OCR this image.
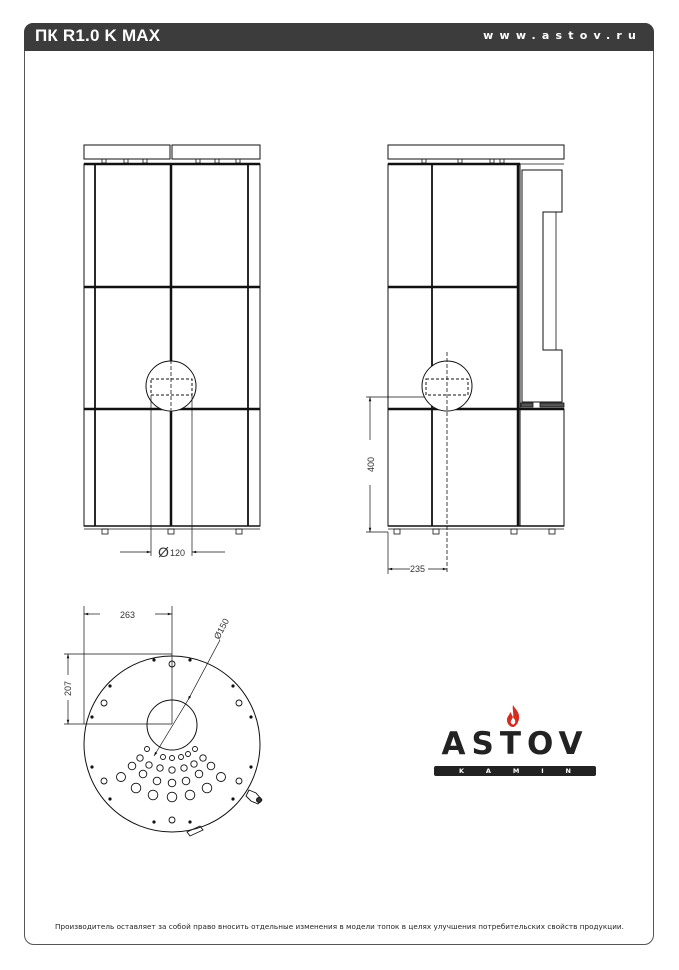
ПК R1.0 K MAX	www.astov.ru
Ø 120
400
235
263
207
Ø150
ASTOV
K	A	M	I	N
Производитель оставляет за собой право вносить отдельные изменения в модели топок в целях улучшения потребительских свойств продукции.
